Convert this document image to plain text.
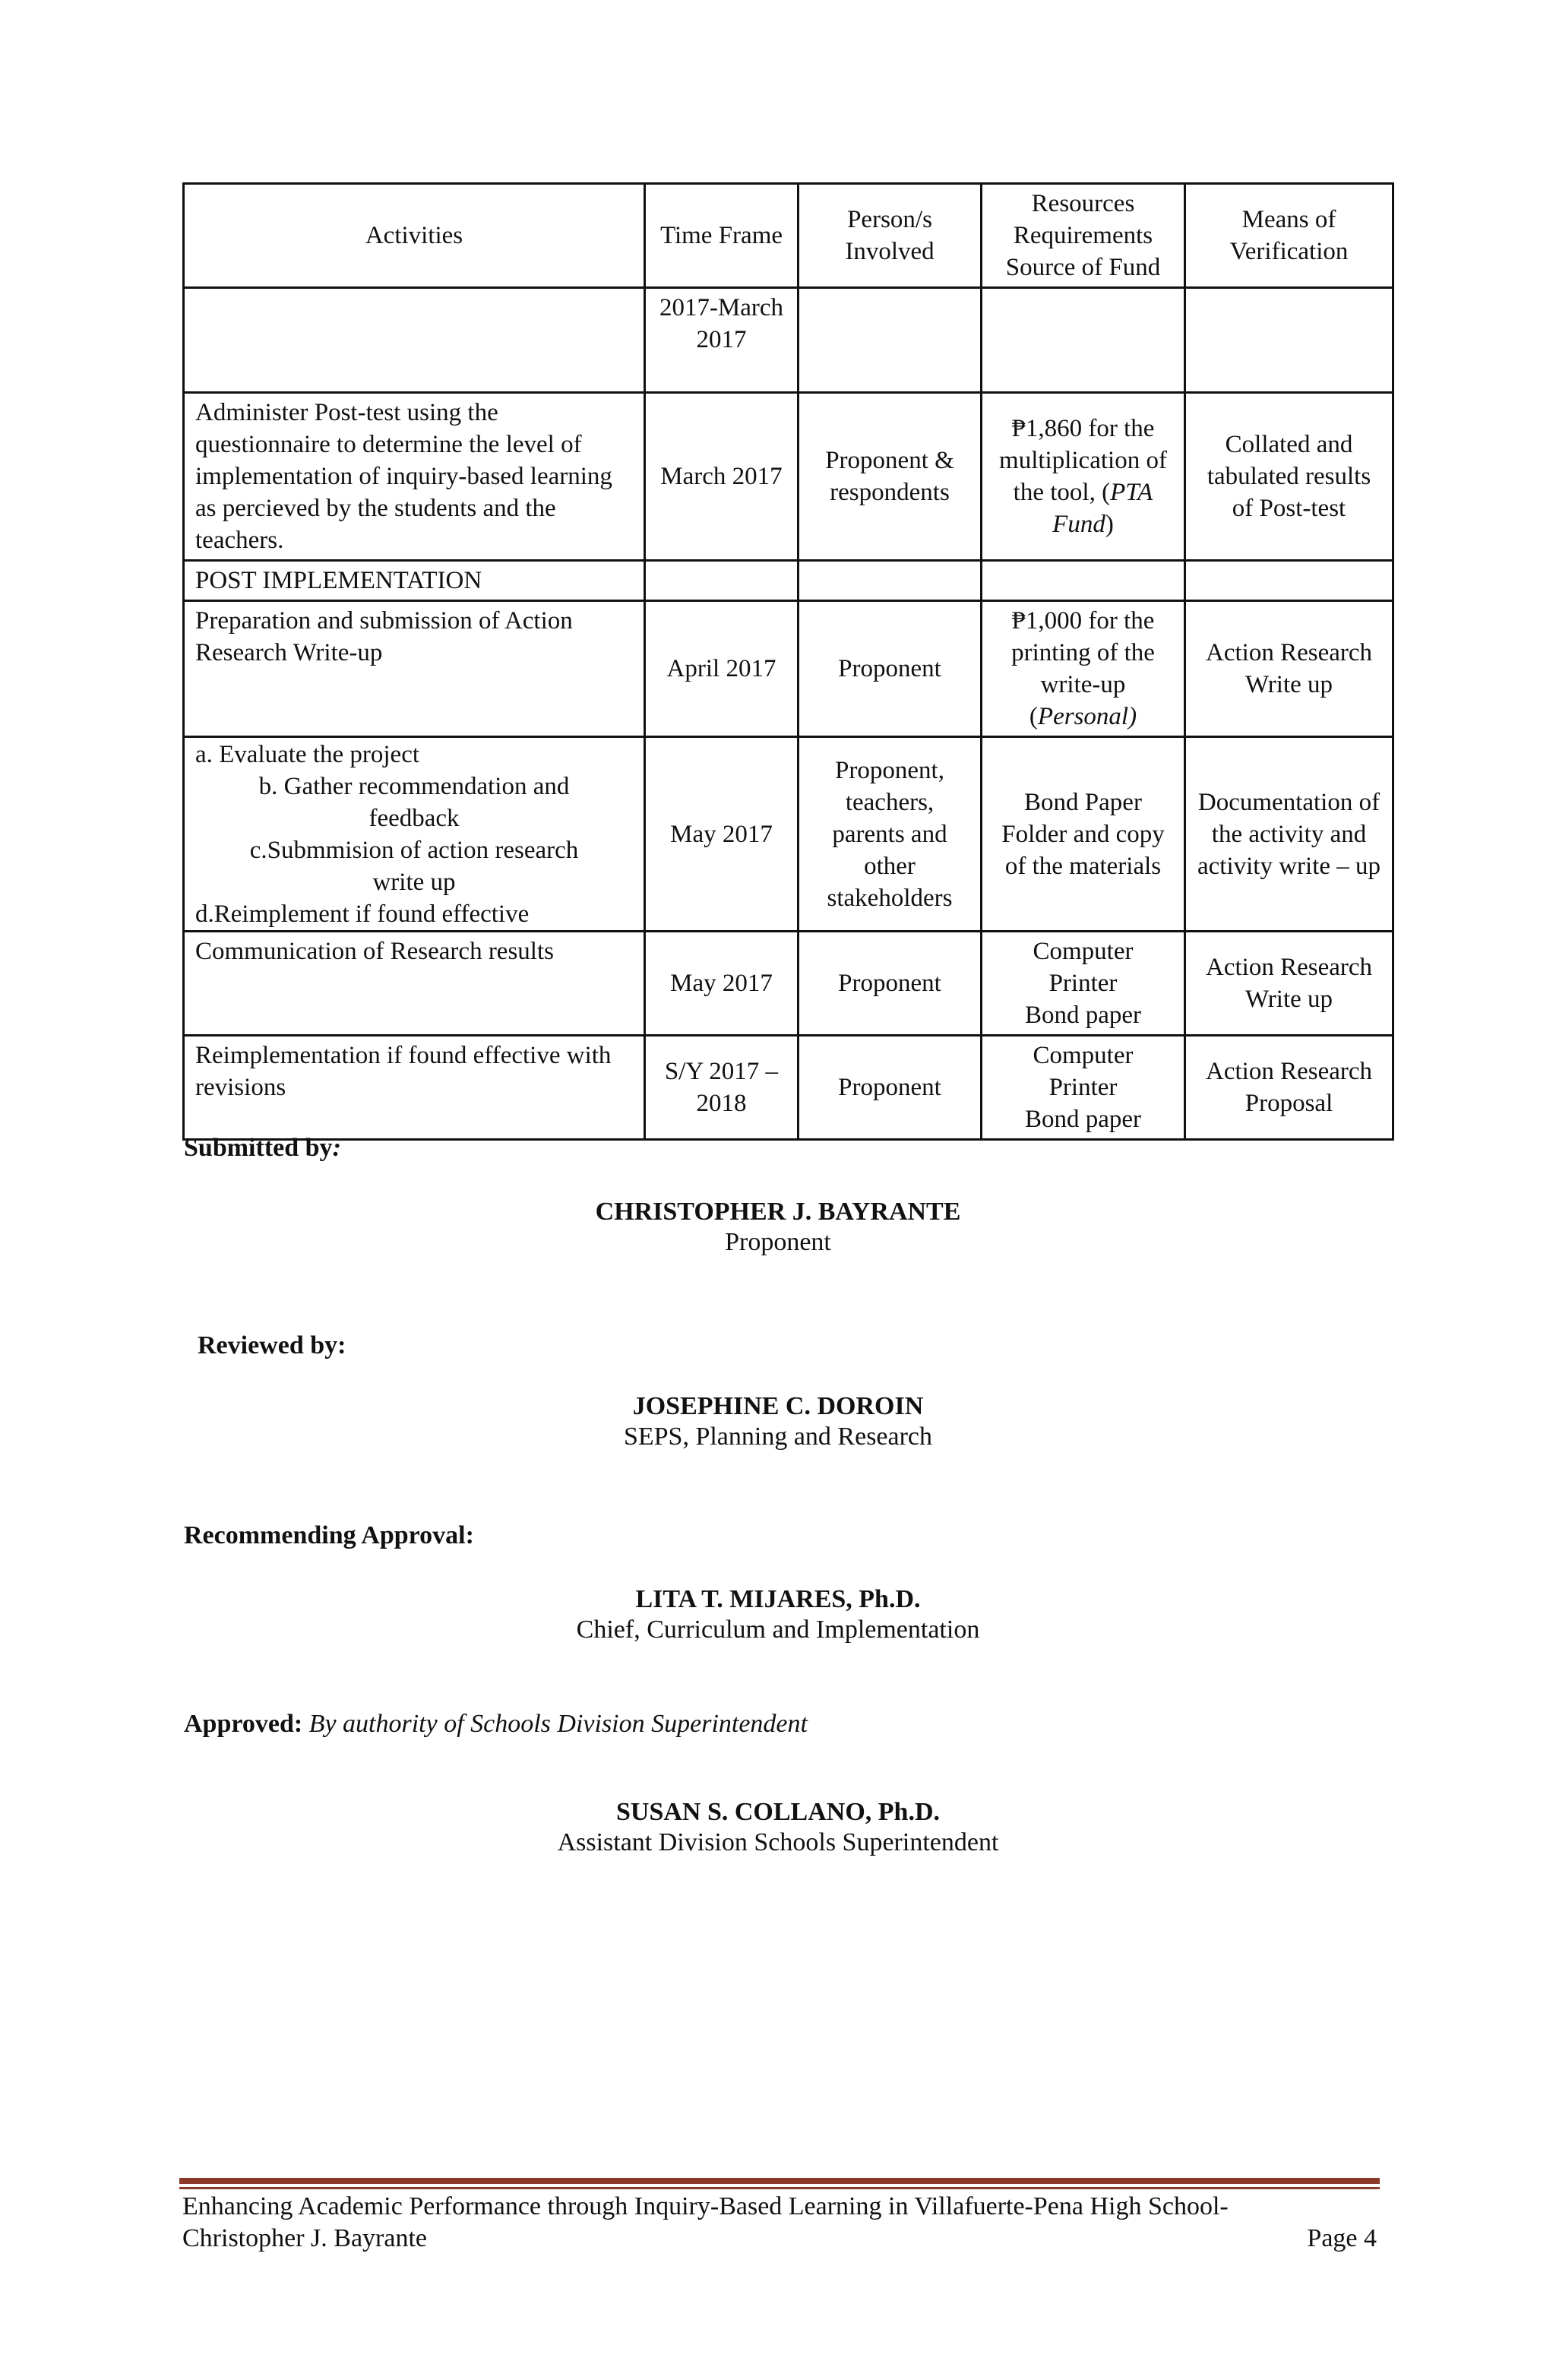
Activities	Time Frame	Person/s Involved	Resources Requirements Source of Fund	Means of Verification
	2017-March 2017			
Administer Post-test using the questionnaire to determine the level of implementation of inquiry-based learning as percieved by the students and the teachers.	March 2017	Proponent & respondents	₱1,860 for the multiplication of the tool, (PTA Fund)	Collated and tabulated results of Post-test
POST IMPLEMENTATION				
Preparation and submission of Action Research Write-up	April 2017	Proponent	₱1,000 for the printing of the write-up (Personal)	Action Research Write up

a. Evaluate the project
b. Gather recommendation and feedback
c.Submmision of action research write up
d.Reimplement if found effective	May 2017	Proponent, teachers, parents and other stakeholders	Bond Paper Folder and copy of the materials	Documentation of the activity and activity write – up
Communication of Research results	May 2017	Proponent	Computer
Printer
Bond paper	Action Research Write up
Reimplementation if found effective with revisions	S/Y 2017 – 2018	Proponent	Computer
Printer
Bond paper	Action Research Proposal
Submitted by:
CHRISTOPHER J. BAYRANTE
Proponent
Reviewed by:
JOSEPHINE C. DOROIN
SEPS, Planning and Research
Recommending Approval:
LITA T. MIJARES, Ph.D.
Chief, Curriculum and Implementation
Approved: By authority of Schools Division Superintendent
SUSAN S. COLLANO, Ph.D.
Assistant Division Schools Superintendent
Enhancing Academic Performance through Inquiry-Based Learning in Villafuerte-Pena High School-
Christopher J. Bayrante	Page 4
